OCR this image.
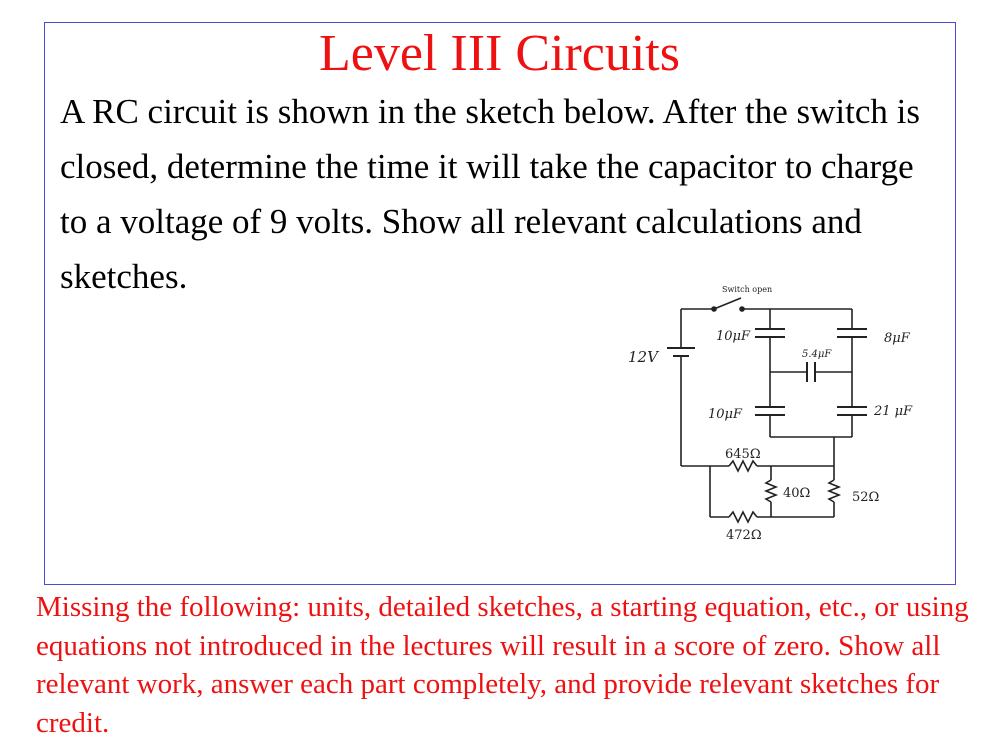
Level III Circuits
A RC circuit is shown in the sketch below. After the switch is closed, determine the time it will take the capacitor to charge to a voltage of 9 volts. Show all relevant calculations and sketches.	Switch open
12V
10μF	8μF
5.4μF
10μF	21 μF
645Ω
40Ω	52Ω
472Ω
Missing the following: units, detailed sketches, a starting equation, etc., or using equations not introduced in the lectures will result in a score of zero. Show all relevant work, answer each part completely, and provide relevant sketches for credit.
